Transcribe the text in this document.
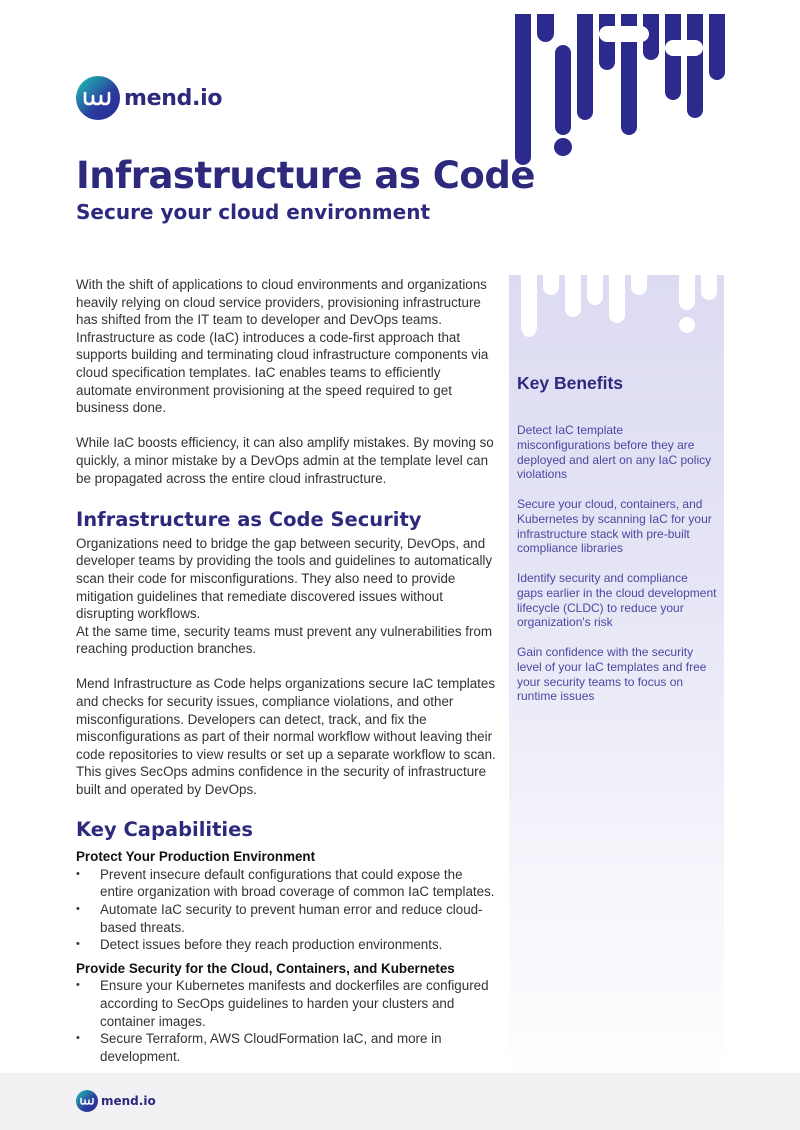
mend.io
Infrastructure as Code
Secure your cloud environment

With the shift of applications to cloud environments and organizations heavily relying on cloud service providers, provisioning infrastructure has shifted from the IT team to developer and DevOps teams. Infrastructure as code (IaC) introduces a code-first approach that supports building and terminating cloud infrastructure components via cloud specification templates. IaC enables teams to efficiently automate environment provisioning at the speed required to get business done.

While IaC boosts efficiency, it can also amplify mistakes. By moving so quickly, a minor mistake by a DevOps admin at the template level can be propagated across the entire cloud infrastructure.

Infrastructure as Code Security

Organizations need to bridge the gap between security, DevOps, and developer teams by providing the tools and guidelines to automatically scan their code for misconfigurations. They also need to provide mitigation guidelines that remediate discovered issues without disrupting workflows.

At the same time, security teams must prevent any vulnerabilities from reaching production branches.

Mend Infrastructure as Code helps organizations secure IaC templates and checks for security issues, compliance violations, and other misconfigurations. Developers can detect, track, and fix the misconfigurations as part of their normal workflow without leaving their code repositories to view results or set up a separate workflow to scan. This gives SecOps admins confidence in the security of infrastructure built and operated by DevOps.

Key Capabilities

Protect Your Production Environment

• Prevent insecure default configurations that could expose the entire organization with broad coverage of common IaC templates.
• Automate IaC security to prevent human error and reduce cloud-based threats.
• Detect issues before they reach production environments.

Provide Security for the Cloud, Containers, and Kubernetes

• Ensure your Kubernetes manifests and dockerfiles are configured according to SecOps guidelines to harden your clusters and container images.
• Secure Terraform, AWS CloudFormation IaC, and more in development.
Key Benefits

Detect IaC template misconfigurations before they are deployed and alert on any IaC policy violations

Secure your cloud, containers, and Kubernetes by scanning IaC for your infrastructure stack with pre-built compliance libraries

Identify security and compliance gaps earlier in the cloud development lifecycle (CLDC) to reduce your organization's risk

Gain confidence with the security level of your IaC templates and free your security teams to focus on runtime issues

mend.io
